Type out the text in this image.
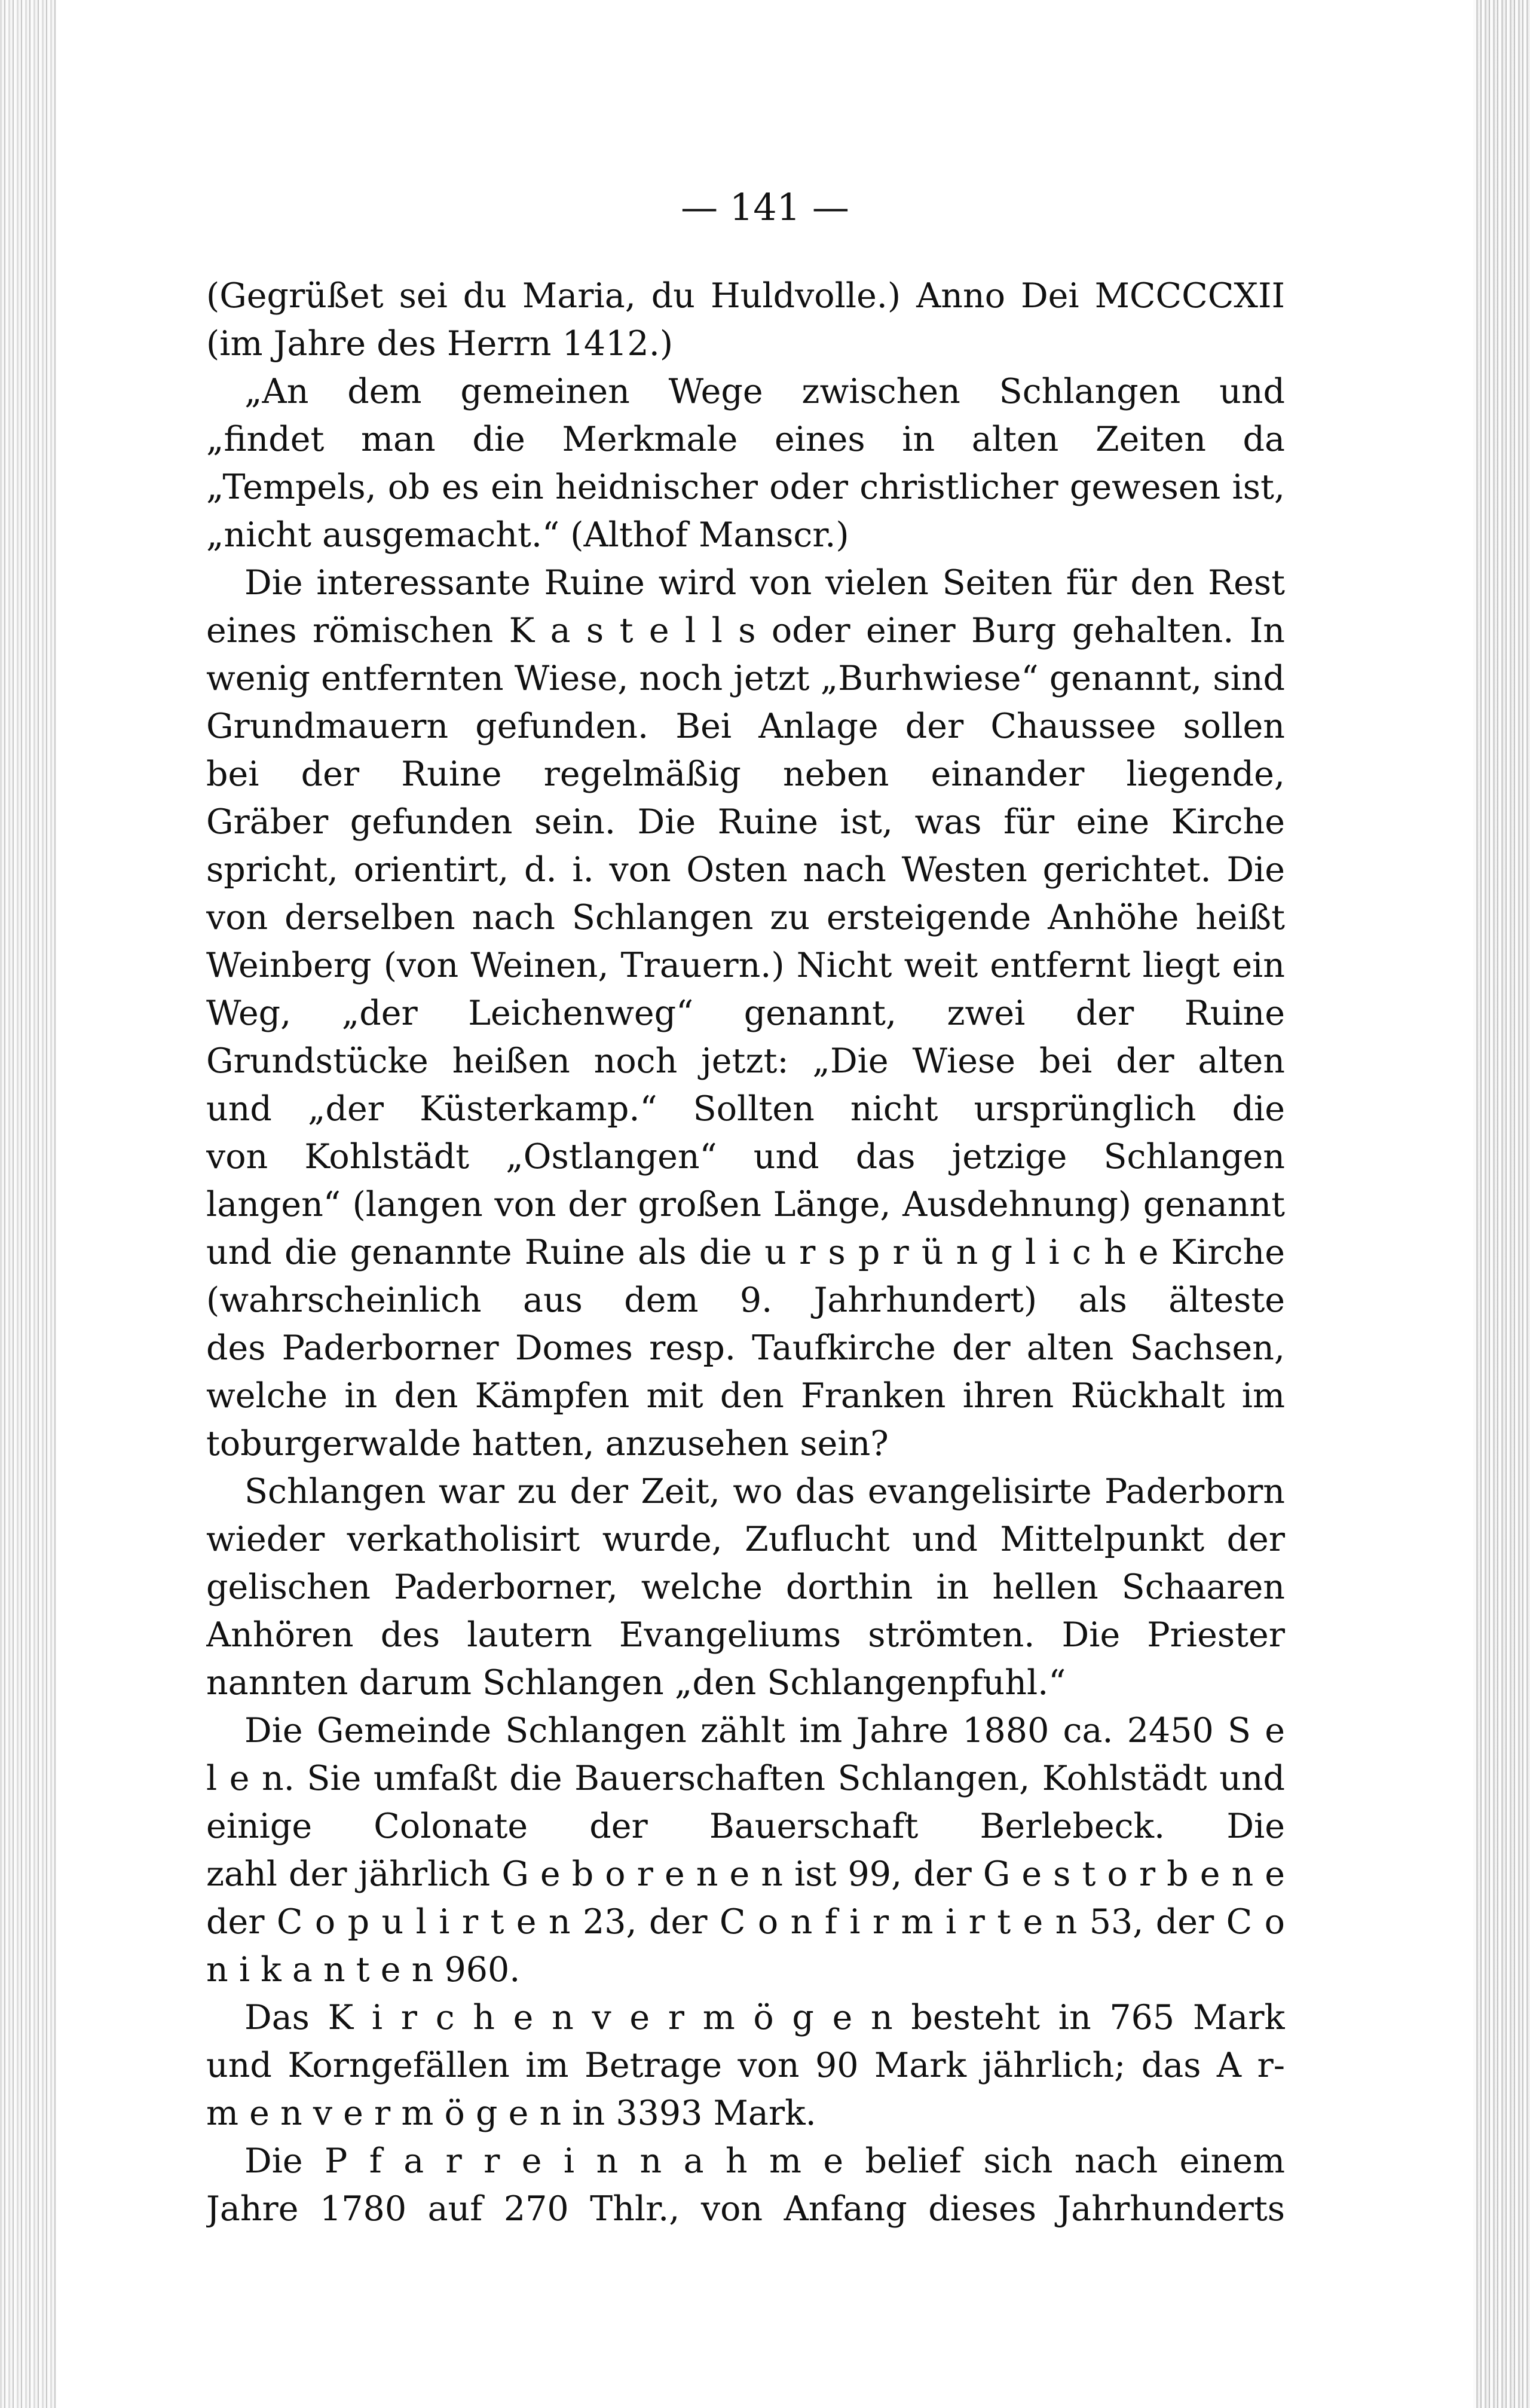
— 141 —
(Gegrüßet sei du Maria, du Huldvolle.) Anno Dei MCCCCXII
(im Jahre des Herrn 1412.)
„An dem gemeinen Wege zwischen Schlangen und
„findet man die Merkmale eines in alten Zeiten da
„Tempels, ob es ein heidnischer oder christlicher gewesen ist,
„nicht ausgemacht.“ (Althof Manscr.)
Die interessante Ruine wird von vielen Seiten für den Rest
eines römischen K a s t e l l s oder einer Burg gehalten. In
wenig entfernten Wiese, noch jetzt „Burhwiese“ genannt, sind
Grundmauern gefunden. Bei Anlage der Chaussee sollen
bei der Ruine regelmäßig neben einander liegende,
Gräber gefunden sein. Die Ruine ist, was für eine Kirche
spricht, orientirt, d. i. von Osten nach Westen gerichtet. Die
von derselben nach Schlangen zu ersteigende Anhöhe heißt
Weinberg (von Weinen, Trauern.) Nicht weit entfernt liegt ein
Weg, „der Leichenweg“ genannt, zwei der Ruine
Grundstücke heißen noch jetzt: „Die Wiese bei der alten
und „der Küsterkamp.“ Sollten nicht ursprünglich die
von Kohlstädt „Ostlangen“ und das jetzige Schlangen
langen“ (langen von der großen Länge, Ausdehnung) genannt
und die genannte Ruine als die u r s p r ü n g l i c h e Kirche
(wahrscheinlich aus dem 9. Jahrhundert) als älteste
des Paderborner Domes resp. Taufkirche der alten Sachsen,
welche in den Kämpfen mit den Franken ihren Rückhalt im
toburgerwalde hatten, anzusehen sein?
Schlangen war zu der Zeit, wo das evangelisirte Paderborn
wieder verkatholisirt wurde, Zuflucht und Mittelpunkt der
gelischen Paderborner, welche dorthin in hellen Schaaren
Anhören des lautern Evangeliums strömten. Die Priester
nannten darum Schlangen „den Schlangenpfuhl.“
Die Gemeinde Schlangen zählt im Jahre 1880 ca. 2450 S e
l e n. Sie umfaßt die Bauerschaften Schlangen, Kohlstädt und
einige Colonate der Bauerschaft Berlebeck. Die
zahl der jährlich G e b o r e n e n ist 99, der G e s t o r b e n e
der C o p u l i r t e n 23, der C o n f i r m i r t e n 53, der C o
n i k a n t e n 960.
Das K i r c h e n v e r m ö g e n besteht in 765 Mark
und Korngefällen im Betrage von 90 Mark jährlich; das A r-
m e n v e r m ö g e n in 3393 Mark.
Die P f a r r e i n n a h m e belief sich nach einem
Jahre 1780 auf 270 Thlr., von Anfang dieses Jahrhunderts
